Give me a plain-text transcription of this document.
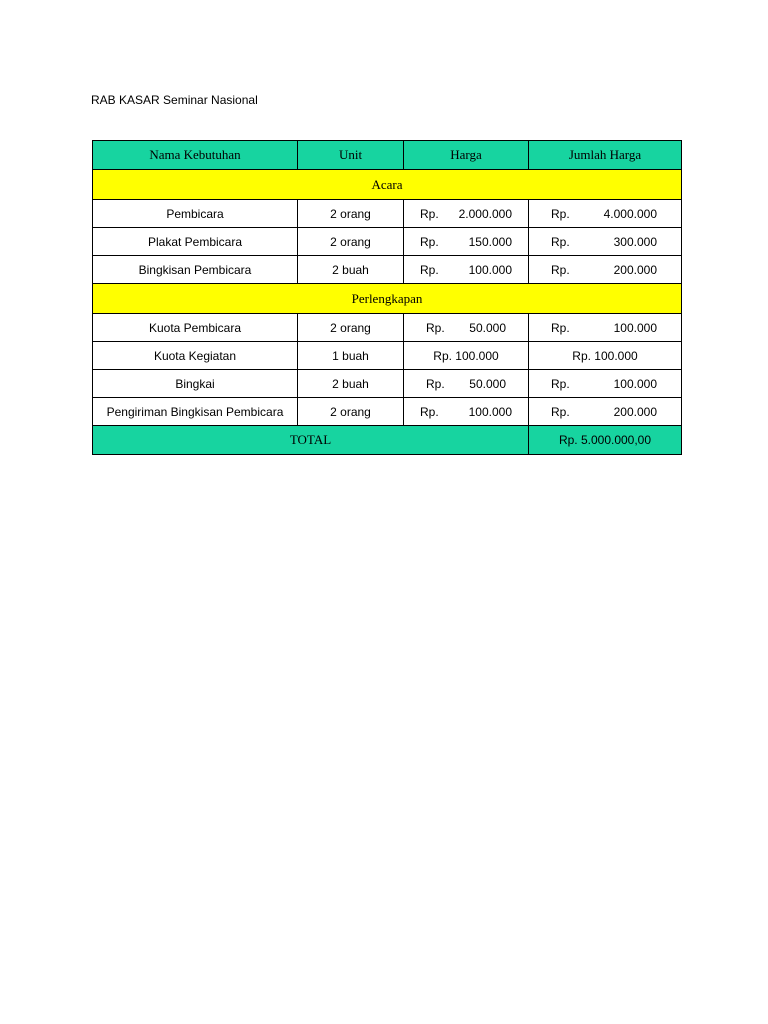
RAB KASAR Seminar Nasional
Nama Kebutuhan	Unit	Harga	Jumlah Harga
Acara			
Pembicara	2 orang	Rp. 2.000.000	Rp. 4.000.000

Plakat Pembicara	2 orang	Rp. 150.000	Rp. 300.000

Bingkisan Pembicara	2 buah	Rp. 100.000	Rp. 200.000

Perlengkapan			
Kuota Pembicara	2 orang	Rp. 50.000	Rp. 100.000

Kuota Kegiatan	1 buah	Rp. 100.000	Rp. 100.000
Bingkai	2 buah	Rp. 50.000	Rp. 100.000

Pengiriman Bingkisan Pembicara	2 orang	Rp. 100.000	Rp. 200.000

TOTAL			Rp. 5.000.000,00
